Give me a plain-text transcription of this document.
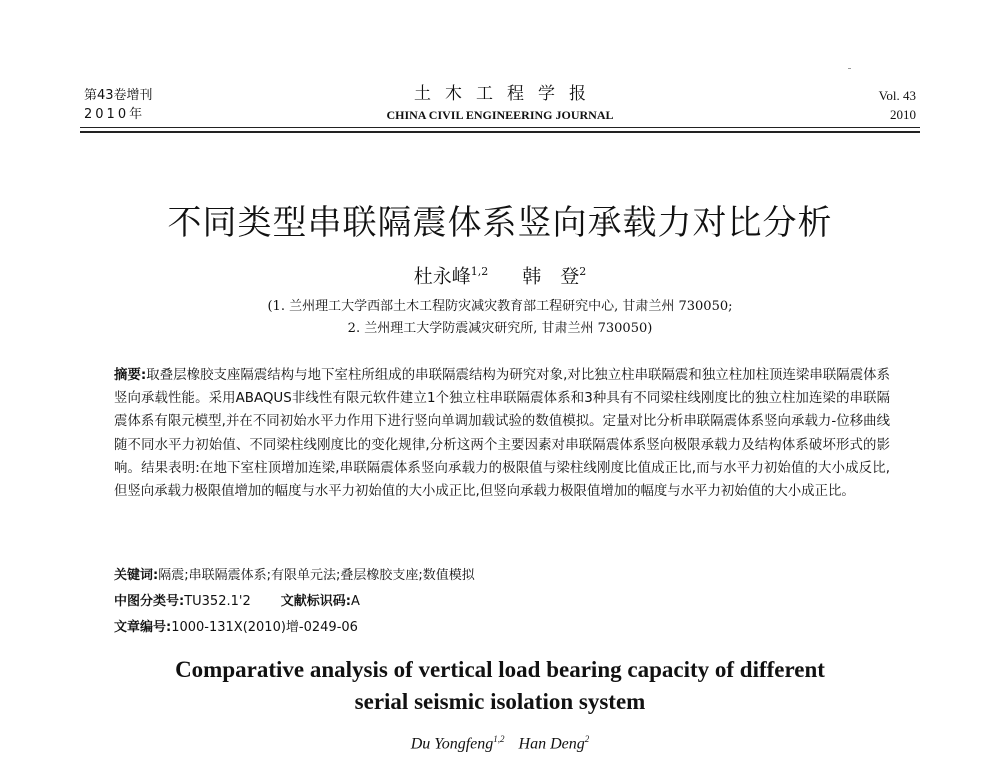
第43卷增刊
2010年
土木工程学报
CHINA CIVIL ENGINEERING JOURNAL
Vol. 43
2010
不同类型串联隔震体系竖向承载力对比分析
杜永峰$^{1,2}$ 韩　登$^2$
(1. 兰州理工大学西部土木工程防灾减灾教育部工程研究中心, 甘肃兰州 730050;
2. 兰州理工大学防震减灾研究所, 甘肃兰州 730050)
摘要:取叠层橡胶支座隔震结构与地下室柱所组成的串联隔震结构为研究对象,对比独立柱串联隔震和独立柱加柱顶连梁串联隔震体系竖向承载性能。采用ABAQUS非线性有限元软件建立1个独立柱串联隔震体系和3种具有不同梁柱线刚度比的独立柱加连梁的串联隔震体系有限元模型,并在不同初始水平力作用下进行竖向单调加载试验的数值模拟。定量对比分析串联隔震体系竖向承载力-位移曲线随不同水平力初始值、不同梁柱线刚度比的变化规律,分析这两个主要因素对串联隔震体系竖向极限承载力及结构体系破坏形式的影响。结果表明:在地下室柱顶增加连梁,串联隔震体系竖向承载力的极限值与梁柱线刚度比值成正比,而与水平力初始值的大小成反比,但竖向承载力极限值增加的幅度与水平力初始值的大小成正比,但竖向承载力极限值增加的幅度与水平力初始值的大小成正比。
关键词:隔震;串联隔震体系;有限单元法;叠层橡胶支座;数值模拟
中图分类号:TU352.1'2 文献标识码:A
文章编号:1000-131X(2010)增-0249-06
Comparative analysis of vertical load bearing capacity of different
serial seismic isolation system
Du Yongfeng$^{1,2}$ Han Deng$^2$
